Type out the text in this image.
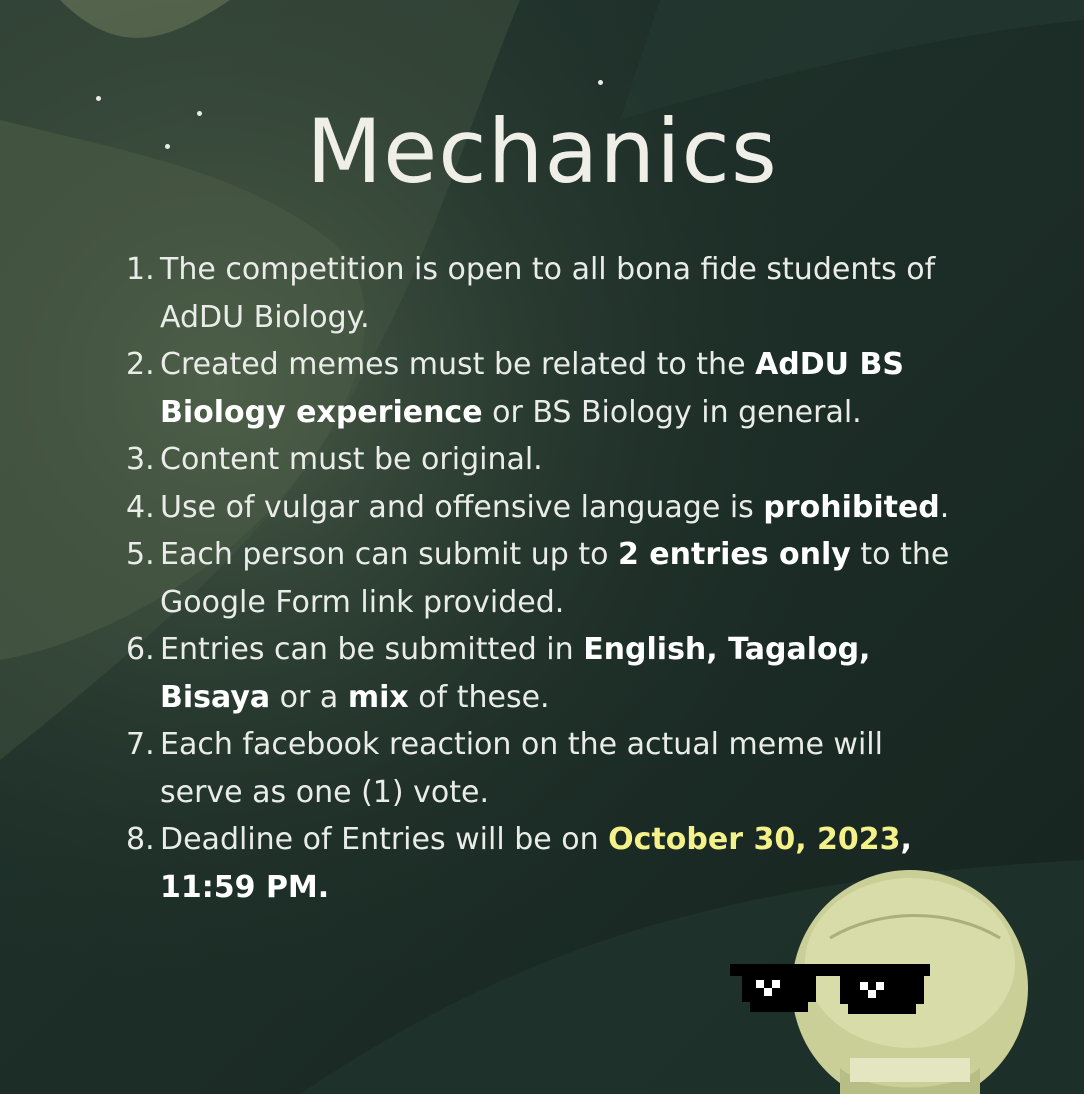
Mechanics
1. The competition is open to all bona fide students of AdDU Biology.
2. Created memes must be related to the AdDU BS Biology experience or BS Biology in general.
3. Content must be original.
4. Use of vulgar and offensive language is prohibited.
5. Each person can submit up to 2 entries only to the Google Form link provided.
6. Entries can be submitted in English, Tagalog, Bisaya or a mix of these.
7. Each facebook reaction on the actual meme will serve as one (1) vote.
8. Deadline of Entries will be on October 30, 2023, 11:59 PM.
